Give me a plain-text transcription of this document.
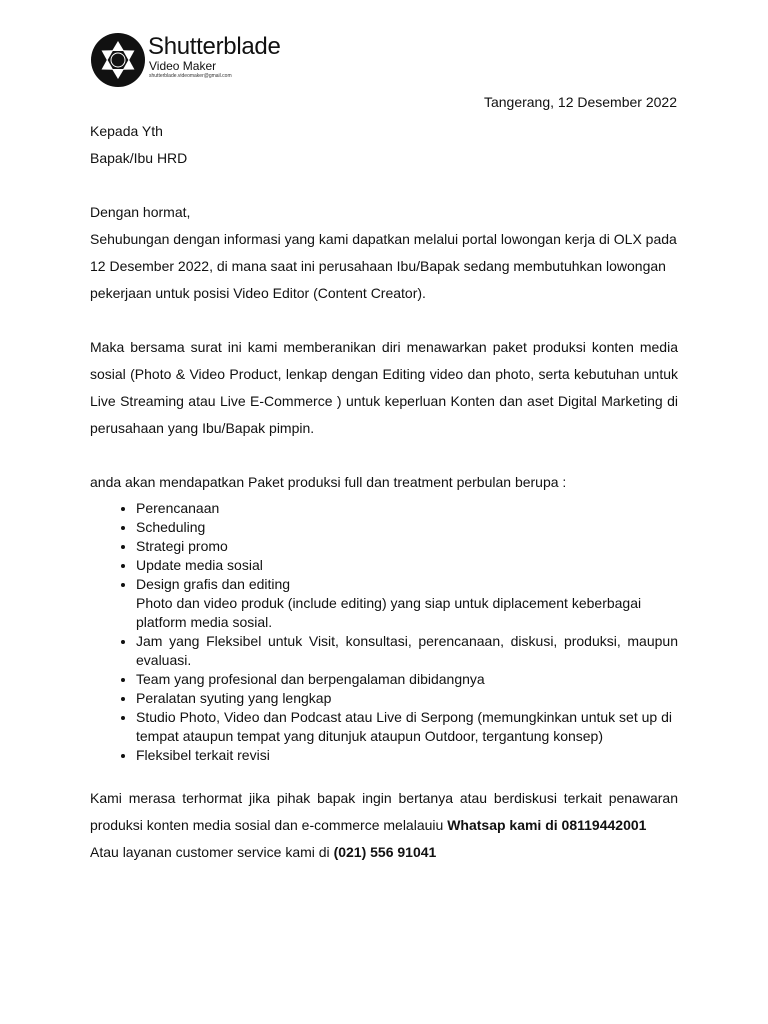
Shutterblade
Video Maker
shutterblade.videomaker@gmail.com
Tangerang, 12 Desember 2022

Kepada Yth

Bapak/Ibu HRD

Dengan hormat,

Sehubungan dengan informasi yang kami dapatkan melalui portal lowongan kerja di OLX pada 12 Desember 2022, di mana saat ini perusahaan Ibu/Bapak sedang membutuhkan lowongan pekerjaan untuk posisi Video Editor (Content Creator).

Maka bersama surat ini kami memberanikan diri menawarkan paket produksi konten media sosial (Photo & Video Product, lenkap dengan Editing video dan photo, serta kebutuhan untuk Live Streaming atau Live E-Commerce ) untuk keperluan Konten dan aset Digital Marketing di perusahaan yang Ibu/Bapak pimpin.

anda akan mendapatkan Paket produksi full dan treatment perbulan berupa :

• Perencanaan
• Scheduling
• Strategi promo
• Update media sosial
• Design grafis dan editing
Photo dan video produk (include editing) yang siap untuk diplacement keberbagai platform media sosial.
• Jam yang Fleksibel untuk Visit, konsultasi, perencanaan, diskusi, produksi, maupun evaluasi.
• Team yang profesional dan berpengalaman dibidangnya
• Peralatan syuting yang lengkap
• Studio Photo, Video dan Podcast atau Live di Serpong (memungkinkan untuk set up di tempat ataupun tempat yang ditunjuk ataupun Outdoor, tergantung konsep)
• Fleksibel terkait revisi

Kami merasa terhormat jika pihak bapak ingin bertanya atau berdiskusi terkait penawaran produksi konten media sosial dan e-commerce melalauiu Whatsap kami di 08119442001

Atau layanan customer service kami di (021) 556 91041
